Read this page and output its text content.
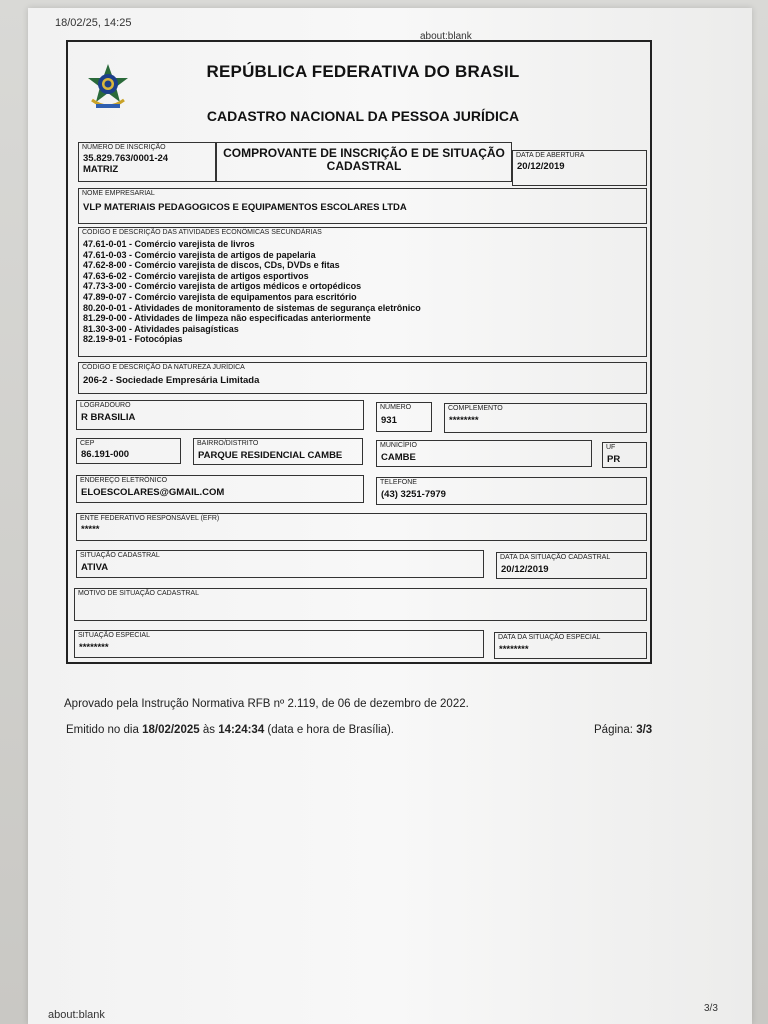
18/02/25, 14:25
about:blank
REPÚBLICA FEDERATIVA DO BRASIL
CADASTRO NACIONAL DA PESSOA JURÍDICA
NÚMERO DE INSCRIÇÃO
35.829.763/0001-24
MATRIZ
COMPROVANTE DE INSCRIÇÃO E DE SITUAÇÃO
CADASTRAL
DATA DE ABERTURA
20/12/2019
NOME EMPRESARIAL
VLP MATERIAIS PEDAGOGICOS E EQUIPAMENTOS ESCOLARES LTDA
CÓDIGO E DESCRIÇÃO DAS ATIVIDADES ECONÔMICAS SECUNDÁRIAS
47.61-0-01 - Comércio varejista de livros
47.61-0-03 - Comércio varejista de artigos de papelaria
47.62-8-00 - Comércio varejista de discos, CDs, DVDs e fitas
47.63-6-02 - Comércio varejista de artigos esportivos
47.73-3-00 - Comércio varejista de artigos médicos e ortopédicos
47.89-0-07 - Comércio varejista de equipamentos para escritório
80.20-0-01 - Atividades de monitoramento de sistemas de segurança eletrônico
81.29-0-00 - Atividades de limpeza não especificadas anteriormente
81.30-3-00 - Atividades paisagísticas
82.19-9-01 - Fotocópias
CÓDIGO E DESCRIÇÃO DA NATUREZA JURÍDICA
206-2 - Sociedade Empresária Limitada
LOGRADOURO
R BRASILIA
NÚMERO
931
COMPLEMENTO
********
CEP
86.191-000
BAIRRO/DISTRITO
PARQUE RESIDENCIAL CAMBE
MUNICÍPIO
CAMBE
UF
PR
ENDEREÇO ELETRÔNICO
ELOESCOLARES@GMAIL.COM
TELEFONE
(43) 3251-7979
ENTE FEDERATIVO RESPONSÁVEL (EFR)
*****
SITUAÇÃO CADASTRAL
ATIVA
DATA DA SITUAÇÃO CADASTRAL
20/12/2019
MOTIVO DE SITUAÇÃO CADASTRAL
SITUAÇÃO ESPECIAL
********
DATA DA SITUAÇÃO ESPECIAL
********
Aprovado pela Instrução Normativa RFB nº 2.119, de 06 de dezembro de 2022.
Emitido no dia 18/02/2025 às 14:24:34 (data e hora de Brasília).	Página: 3/3
about:blank
3/3
